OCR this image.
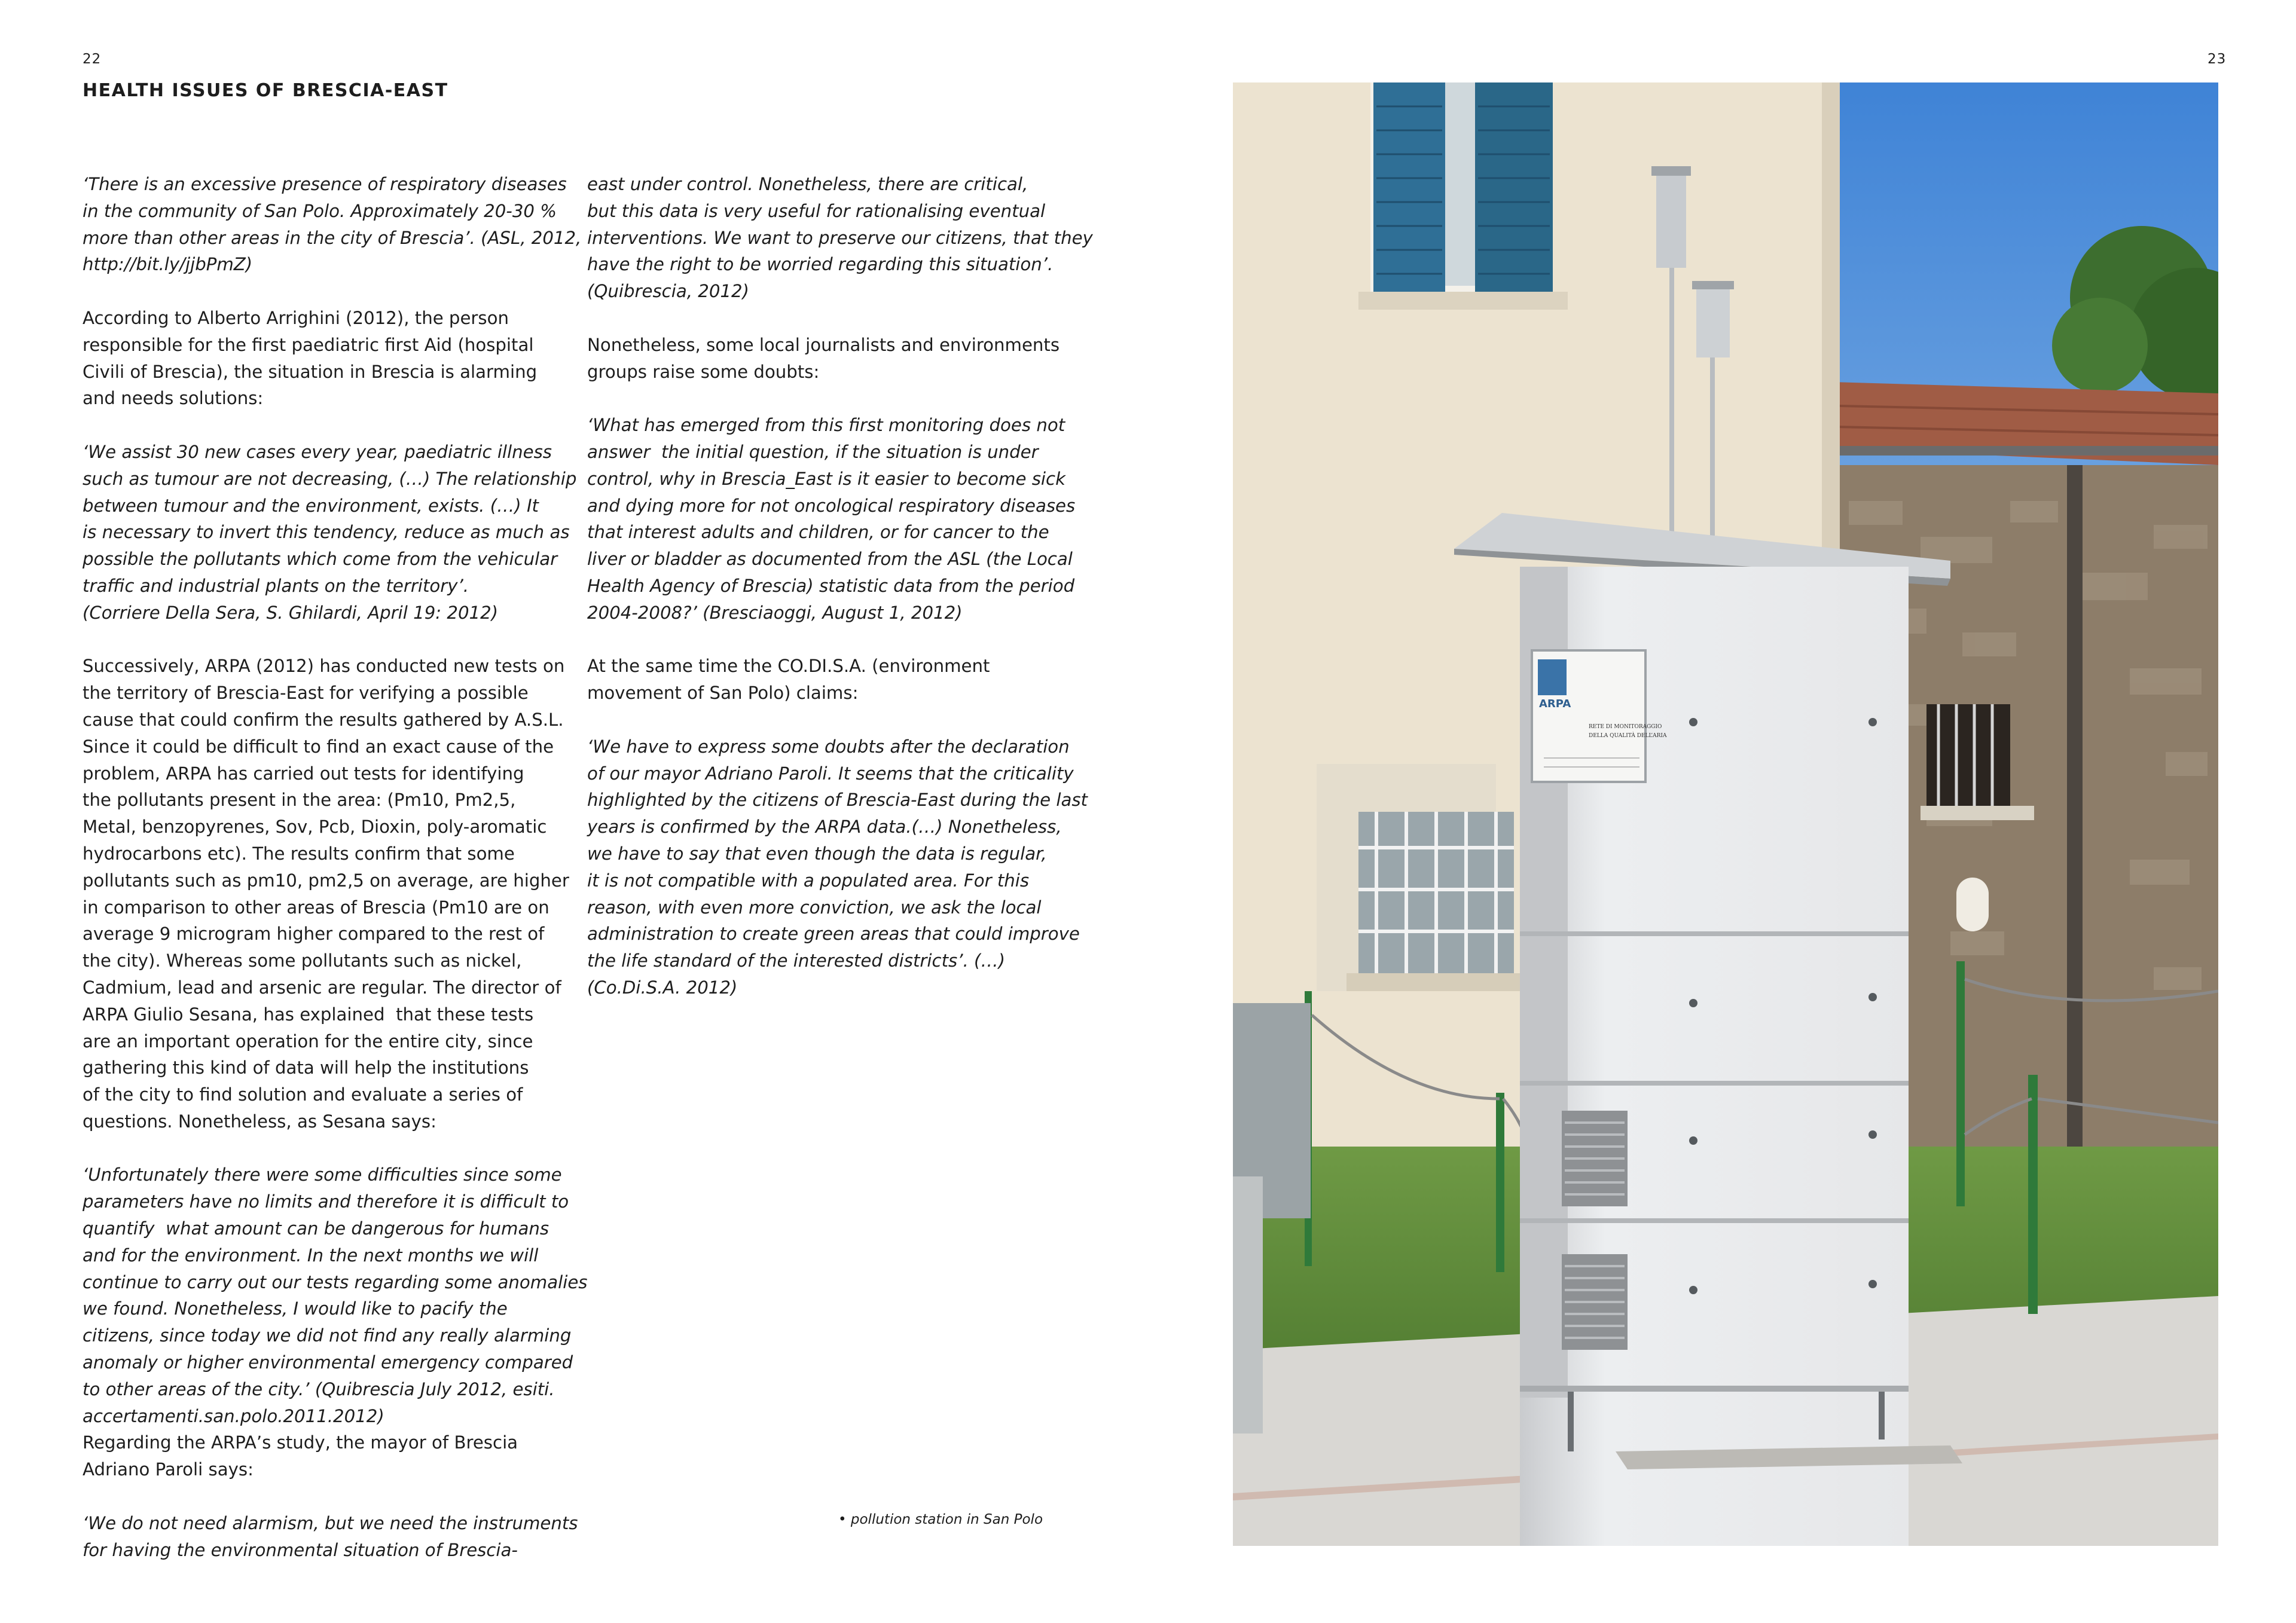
22	23
HEALTH ISSUES OF BRESCIA-EAST
‘There is an excessive presence of respiratory diseases
in the community of San Polo. Approximately 20-30 %
more than other areas in the city of Brescia’. (ASL, 2012,
http://bit.ly/jjbPmZ)
According to Alberto Arrighini (2012), the person
responsible for the first paediatric first Aid (hospital
Civili of Brescia), the situation in Brescia is alarming
and needs solutions:
‘We assist 30 new cases every year, paediatric illness
such as tumour are not decreasing, (…) The relationship
between tumour and the environment, exists. (…) It
is necessary to invert this tendency, reduce as much as
possible the pollutants which come from the vehicular
traffic and industrial plants on the territory’.
(Corriere Della Sera, S. Ghilardi, April 19: 2012)
Successively, ARPA (2012) has conducted new tests on
the territory of Brescia-East for verifying a possible
cause that could confirm the results gathered by A.S.L.
Since it could be difficult to find an exact cause of the
problem, ARPA has carried out tests for identifying
the pollutants present in the area: (Pm10, Pm2,5,
Metal, benzopyrenes, Sov, Pcb, Dioxin, poly-aromatic
hydrocarbons etc). The results confirm that some
pollutants such as pm10, pm2,5 on average, are higher
in comparison to other areas of Brescia (Pm10 are on
average 9 microgram higher compared to the rest of
the city). Whereas some pollutants such as nickel,
Cadmium, lead and arsenic are regular. The director of
ARPA Giulio Sesana, has explained  that these tests
are an important operation for the entire city, since
gathering this kind of data will help the institutions
of the city to find solution and evaluate a series of
questions. Nonetheless, as Sesana says:
‘Unfortunately there were some difficulties since some
parameters have no limits and therefore it is difficult to
quantify  what amount can be dangerous for humans
and for the environment. In the next months we will
continue to carry out our tests regarding some anomalies
we found. Nonetheless, I would like to pacify the
citizens, since today we did not find any really alarming
anomaly or higher environmental emergency compared
to other areas of the city.’ (Quibrescia July 2012, esiti.
accertamenti.san.polo.2011.2012)
Regarding the ARPA’s study, the mayor of Brescia
Adriano Paroli says:
‘We do not need alarmism, but we need the instruments
for having the environmental situation of Brescia-
east under control. Nonetheless, there are critical,
but this data is very useful for rationalising eventual
interventions. We want to preserve our citizens, that they
have the right to be worried regarding this situation’.
(Quibrescia, 2012)
Nonetheless, some local journalists and environments
groups raise some doubts:
‘What has emerged from this first monitoring does not
answer  the initial question, if the situation is under
control, why in Brescia_East is it easier to become sick
and dying more for not oncological respiratory diseases
that interest adults and children, or for cancer to the
liver or bladder as documented from the ASL (the Local
Health Agency of Brescia) statistic data from the period
2004-2008?’ (Bresciaoggi, August 1, 2012)
At the same time the CO.DI.S.A. (environment
movement of San Polo) claims:
‘We have to express some doubts after the declaration
of our mayor Adriano Paroli. It seems that the criticality
highlighted by the citizens of Brescia-East during the last
years is confirmed by the ARPA data.(…) Nonetheless,
we have to say that even though the data is regular,
it is not compatible with a populated area. For this
reason, with even more conviction, we ask the local
administration to create green areas that could improve
the life standard of the interested districts’. (…)
(Co.Di.S.A. 2012)
• pollution station in San Polo
ARPA
RETE DI MONITORAGGIO
DELLA QUALITÀ DELL’ARIA
